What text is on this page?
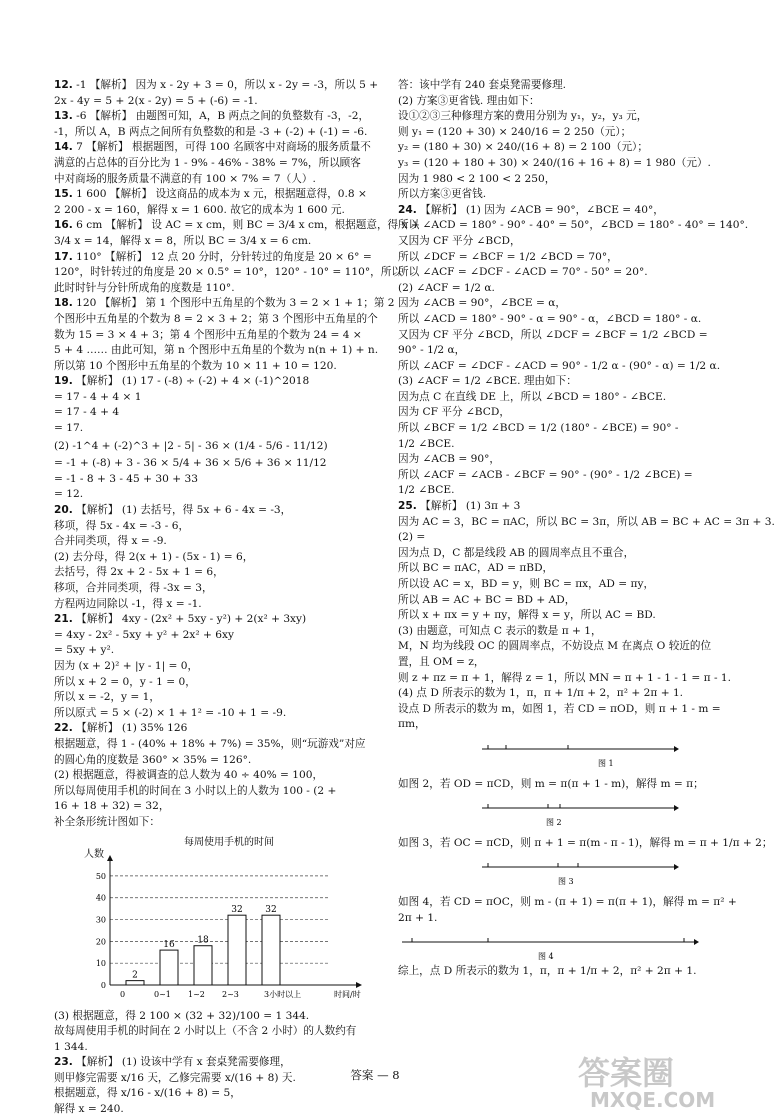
12. -1 【解析】 因为 x - 2y + 3 = 0，所以 x - 2y = -3，所以 5 +
2x - 4y = 5 + 2(x - 2y) = 5 + (-6) = -1.
13. -6 【解析】 由题图可知，A，B 两点之间的负整数有 -3，-2，
-1，所以 A，B 两点之间所有负整数的和是 -3 + (-2) + (-1) = -6.
14. 7 【解析】 根据题图，可得 100 名顾客中对商场的服务质量不
满意的占总体的百分比为 1 - 9% - 46% - 38% = 7%，所以顾客
中对商场的服务质量不满意的有 100 × 7% = 7（人）.
15. 1 600 【解析】 设这商品的成本为 x 元，根据题意得，0.8 ×
2 200 - x = 160，解得 x = 1 600. 故它的成本为 1 600 元.
16. 6 cm 【解析】 设 AC = x cm，则 BC = 3/4 x cm，根据题意，得 x +
3/4 x = 14，解得 x = 8，所以 BC = 3/4 x = 6 cm.
17. 110° 【解析】 12 点 20 分时，分针转过的角度是 20 × 6° =
120°，时针转过的角度是 20 × 0.5° = 10°，120° - 10° = 110°，所以
此时时针与分针所成角的度数是 110°.
18. 120 【解析】 第 1 个图形中五角星的个数为 3 = 2 × 1 + 1；第 2
个图形中五角星的个数为 8 = 2 × 3 + 2；第 3 个图形中五角星的个
数为 15 = 3 × 4 + 3；第 4 个图形中五角星的个数为 24 = 4 ×
5 + 4 …… 由此可知，第 n 个图形中五角星的个数为 n(n + 1) + n.
所以第 10 个图形中五角星的个数为 10 × 11 + 10 = 120.
19. 【解析】 (1) 17 - (-8) ÷ (-2) + 4 × (-1)^2018
= 17 - 4 + 4 × 1
= 17 - 4 + 4
= 17.
(2) -1^4 + (-2)^3 + |2 - 5| - 36 × (1/4 - 5/6 - 11/12)
= -1 + (-8) + 3 - 36 × 5/4 + 36 × 5/6 + 36 × 11/12
= -1 - 8 + 3 - 45 + 30 + 33
= 12.
20. 【解析】 (1) 去括号，得 5x + 6 - 4x = -3，
移项，得 5x - 4x = -3 - 6，
合并同类项，得 x = -9.
(2) 去分母，得 2(x + 1) - (5x - 1) = 6，
去括号，得 2x + 2 - 5x + 1 = 6，
移项，合并同类项，得 -3x = 3，
方程两边同除以 -1，得 x = -1.
21. 【解析】 4xy - (2x² + 5xy - y²) + 2(x² + 3xy)
= 4xy - 2x² - 5xy + y² + 2x² + 6xy
= 5xy + y².
因为 (x + 2)² + |y - 1| = 0，
所以 x + 2 = 0，y - 1 = 0，
所以 x = -2，y = 1，
所以原式 = 5 × (-2) × 1 + 1² = -10 + 1 = -9.
22. 【解析】 (1) 35% 126
根据题意，得 1 - (40% + 18% + 7%) = 35%，则“玩游戏”对应
的圆心角的度数是 360° × 35% = 126°.
(2) 根据题意，得被调查的总人数为 40 ÷ 40% = 100，
所以每周使用手机的时间在 3 小时以上的人数为 100 - (2 +
16 + 18 + 32) = 32，
补全条形统计图如下：
每周使用手机的时间
人数
0
10
20
30
40
50
2
0
16
0~1
18
1~2
32
2~3
32
3小时以上	时间/时
(3) 根据题意，得 2 100 × (32 + 32)/100 = 1 344.
故每周使用手机的时间在 2 小时以上（不含 2 小时）的人数约有
1 344.
23. 【解析】 (1) 设该中学有 x 套桌凳需要修理，
则甲修完需要 x/16 天，乙修完需要 x/(16 + 8) 天.
根据题意，得 x/16 - x/(16 + 8) = 5，
解得 x = 240.
答：该中学有 240 套桌凳需要修理.
(2) 方案③更省钱. 理由如下：
设①②③三种修理方案的费用分别为 y₁，y₂，y₃ 元，
则 y₁ = (120 + 30) × 240/16 = 2 250（元）；
y₂ = (180 + 30) × 240/(16 + 8) = 2 100（元）；
y₃ = (120 + 180 + 30) × 240/(16 + 16 + 8) = 1 980（元）.
因为 1 980 < 2 100 < 2 250，
所以方案③更省钱.
24. 【解析】 (1) 因为 ∠ACB = 90°，∠BCE = 40°，
所以 ∠ACD = 180° - 90° - 40° = 50°，∠BCD = 180° - 40° = 140°.
又因为 CF 平分 ∠BCD，
所以 ∠DCF = ∠BCF = 1/2 ∠BCD = 70°，
所以 ∠ACF = ∠DCF - ∠ACD = 70° - 50° = 20°.
(2) ∠ACF = 1/2 α.
因为 ∠ACB = 90°，∠BCE = α，
所以 ∠ACD = 180° - 90° - α = 90° - α，∠BCD = 180° - α.
又因为 CF 平分 ∠BCD，所以 ∠DCF = ∠BCF = 1/2 ∠BCD =
90° - 1/2 α，
所以 ∠ACF = ∠DCF - ∠ACD = 90° - 1/2 α - (90° - α) = 1/2 α.
(3) ∠ACF = 1/2 ∠BCE. 理由如下：
因为点 C 在直线 DE 上，所以 ∠BCD = 180° - ∠BCE.
因为 CF 平分 ∠BCD，
所以 ∠BCF = 1/2 ∠BCD = 1/2 (180° - ∠BCE) = 90° -
1/2 ∠BCE.
因为 ∠ACB = 90°，
所以 ∠ACF = ∠ACB - ∠BCF = 90° - (90° - 1/2 ∠BCE) =
1/2 ∠BCE.
25. 【解析】 (1) 3π + 3
因为 AC = 3，BC = πAC，所以 BC = 3π，所以 AB = BC + AC = 3π + 3.
(2) =
因为点 D，C 都是线段 AB 的圆周率点且不重合，
所以 BC = πAC，AD = πBD，
所以设 AC = x，BD = y，则 BC = πx，AD = πy，
所以 AB = AC + BC = BD + AD，
所以 x + πx = y + πy，解得 x = y，所以 AC = BD.
(3) 由题意，可知点 C 表示的数是 π + 1，
M，N 均为线段 OC 的圆周率点，不妨设点 M 在离点 O 较近的位
置，且 OM = z，
则 z + πz = π + 1，解得 z = 1，所以 MN = π + 1 - 1 - 1 = π - 1.
(4) 点 D 所表示的数为 1，π，π + 1/π + 2，π² + 2π + 1.
设点 D 所表示的数为 m，如图 1，若 CD = πOD，则 π + 1 - m =
πm，
图 1
如图 2，若 OD = πCD，则 m = π(π + 1 - m)，解得 m = π；
图 2
如图 3，若 OC = πCD，则 π + 1 = π(m - π - 1)，解得 m = π + 1/π + 2；
图 3
如图 4，若 CD = πOC，则 m - (π + 1) = π(π + 1)，解得 m = π² +
2π + 1.
图 4
综上，点 D 所表示的数为 1，π，π + 1/π + 2，π² + 2π + 1.
答案 — 8	答案圈
MXQE.COM
